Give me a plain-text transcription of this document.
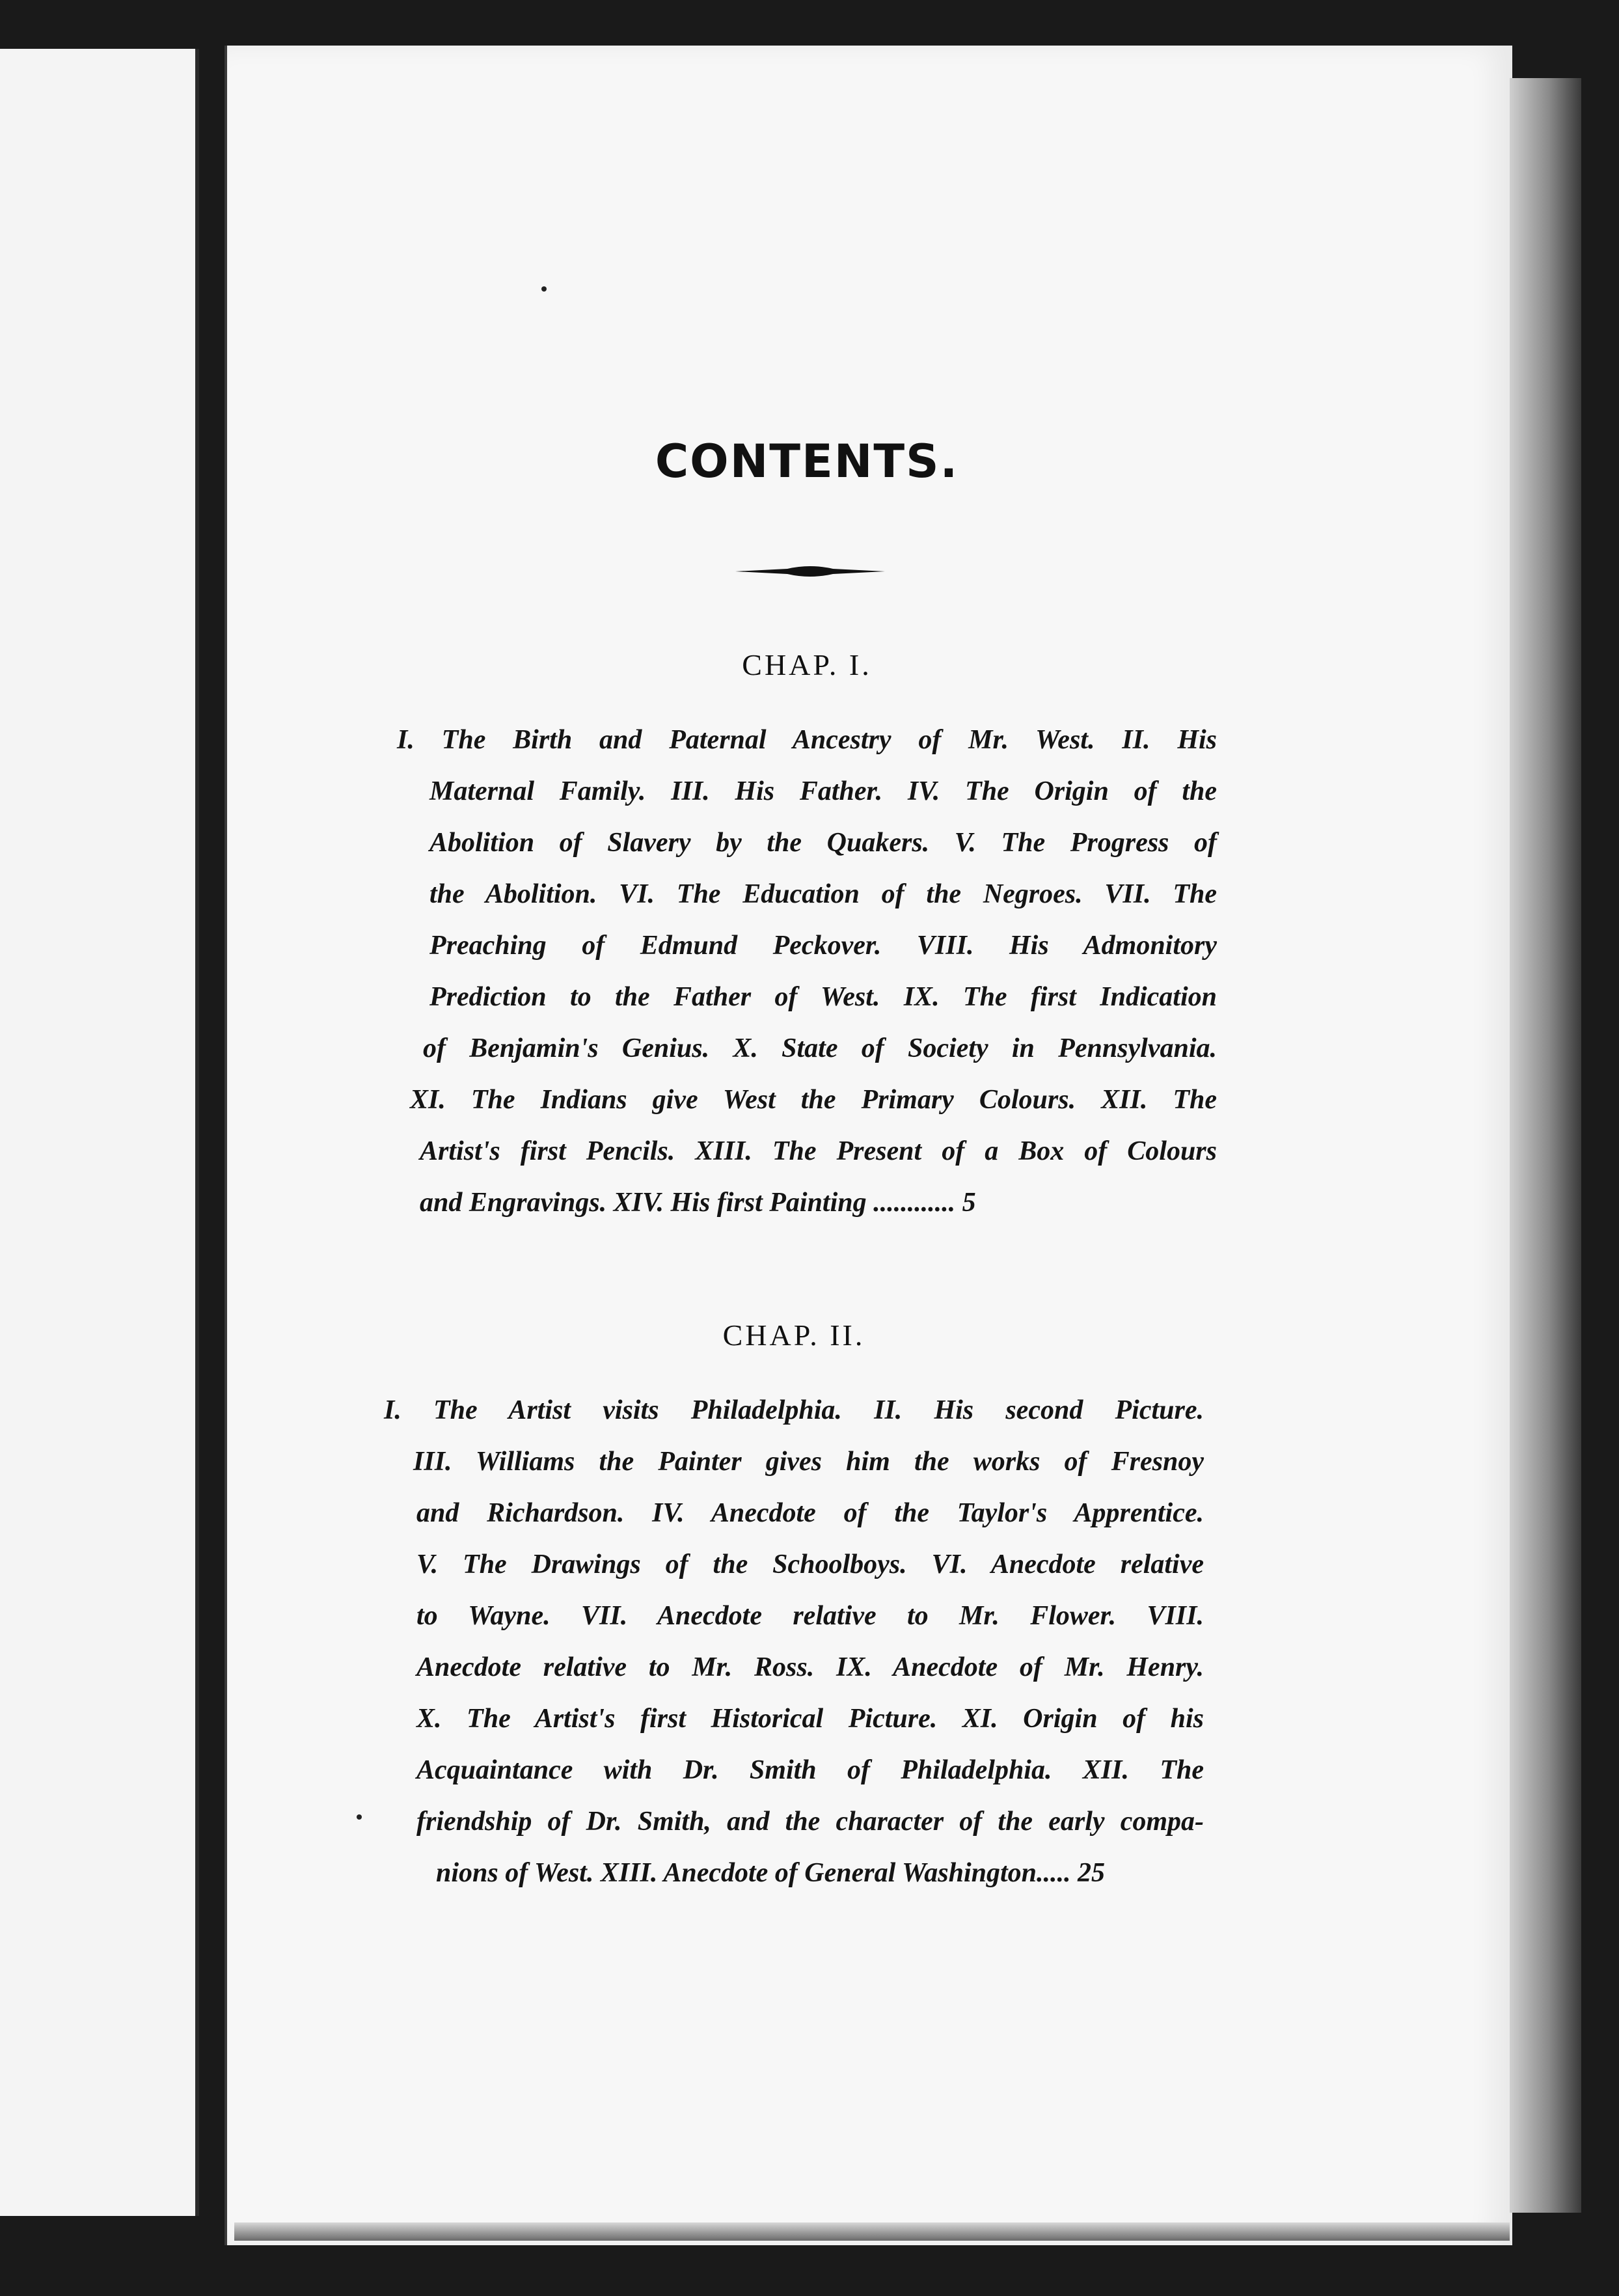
CONTENTS.
CHAP. I.
I. The Birth and Paternal Ancestry of Mr. West. II. His
Maternal Family. III. His Father. IV. The Origin of the
Abolition of Slavery by the Quakers. V. The Progress of
the Abolition. VI. The Education of the Negroes. VII. The
Preaching of Edmund Peckover. VIII. His Admonitory
Prediction to the Father of West. IX. The first Indication
of Benjamin's Genius. X. State of Society in Pennsylvania.
XI. The Indians give West the Primary Colours. XII. The
Artist's first Pencils. XIII. The Present of a Box of Colours
and Engravings. XIV. His first Painting ............ 5
CHAP. II.
I. The Artist visits Philadelphia. II. His second Picture.
III. Williams the Painter gives him the works of Fresnoy
and Richardson. IV. Anecdote of the Taylor's Apprentice.
V. The Drawings of the Schoolboys. VI. Anecdote relative
to Wayne. VII. Anecdote relative to Mr. Flower. VIII.
Anecdote relative to Mr. Ross. IX. Anecdote of Mr. Henry.
X. The Artist's first Historical Picture. XI. Origin of his
Acquaintance with Dr. Smith of Philadelphia. XII. The
friendship of Dr. Smith, and the character of the early compa-
nions of West. XIII. Anecdote of General Washington..... 25
